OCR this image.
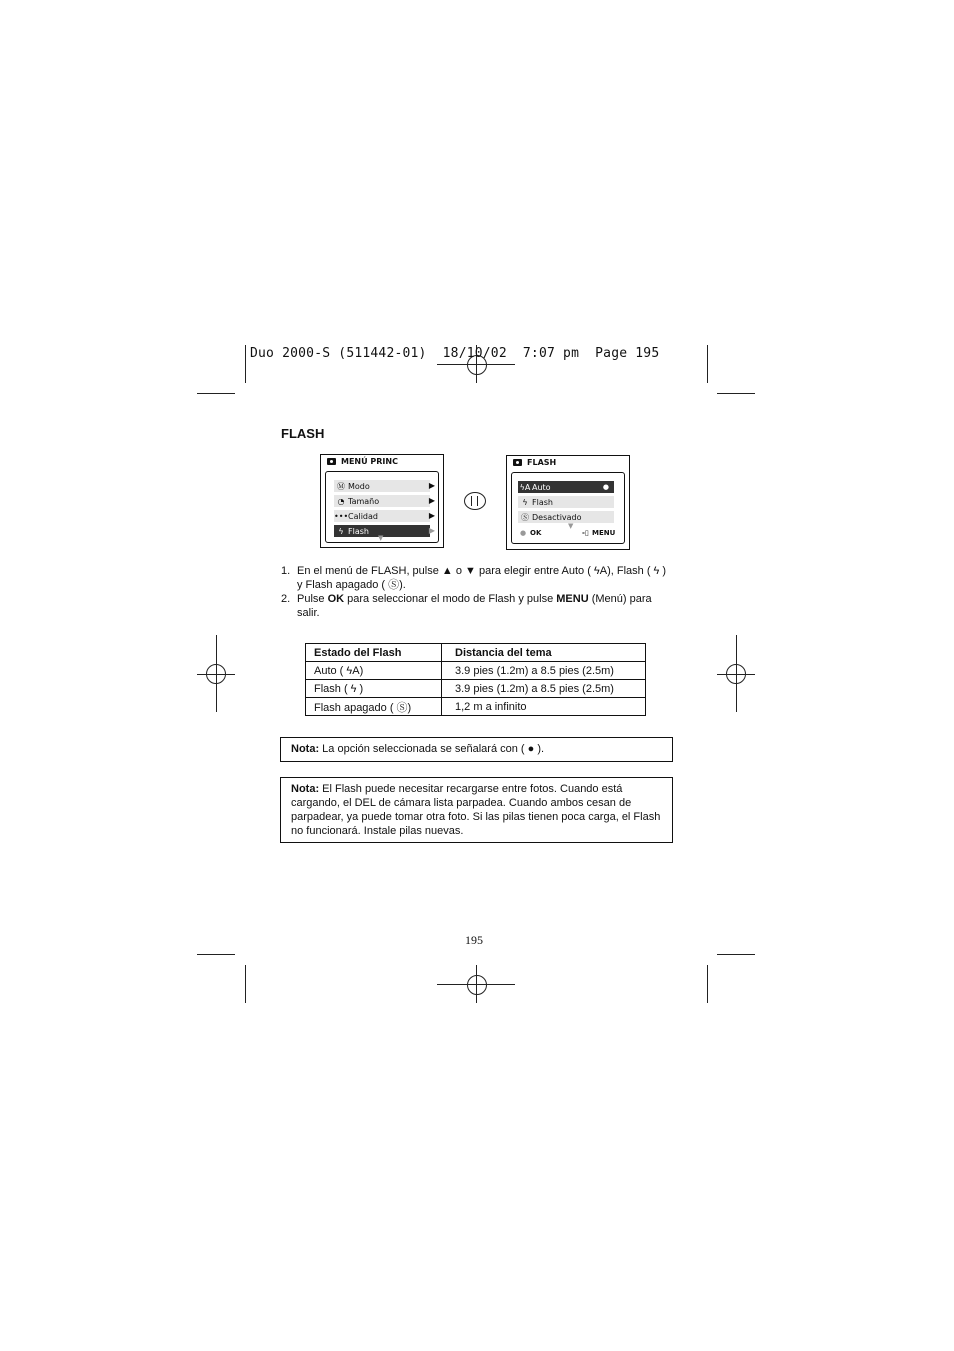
Duo 2000-S (511442-01)  18/10/02  7:07 pm  Page 195
FLASH
MENÚ PRINC
Ⓜ Modo	▶
◔ Tamaño	▶
••• Calidad	▶
ϟ Flash	▶
▼
FLASH
ϟA Auto	●
ϟ Flash
Ⓢ Desactivado
▼
● OK	-▯ MENU
1. En el menú de FLASH, pulse ▲ o ▼ para elegir entre Auto ( ϟA), Flash ( ϟ ) y Flash apagado ( Ⓢ).
2. Pulse OK para seleccionar el modo de Flash y pulse MENU (Menú) para salir.
Estado del Flash	Distancia del tema
Auto ( ϟA)	3.9 pies (1.2m) a 8.5 pies (2.5m)
Flash ( ϟ )	3.9 pies (1.2m) a 8.5 pies (2.5m)
Flash apagado ( Ⓢ)	1,2 m a infinito
Nota: La opción seleccionada se señalará con ( ● ).
Nota: El Flash puede necesitar recargarse entre fotos. Cuando está cargando, el DEL de cámara lista parpadea. Cuando ambos cesan de parpadear, ya puede tomar otra foto. Si las pilas tienen poca carga, el Flash no funcionará. Instale pilas nuevas.
195
